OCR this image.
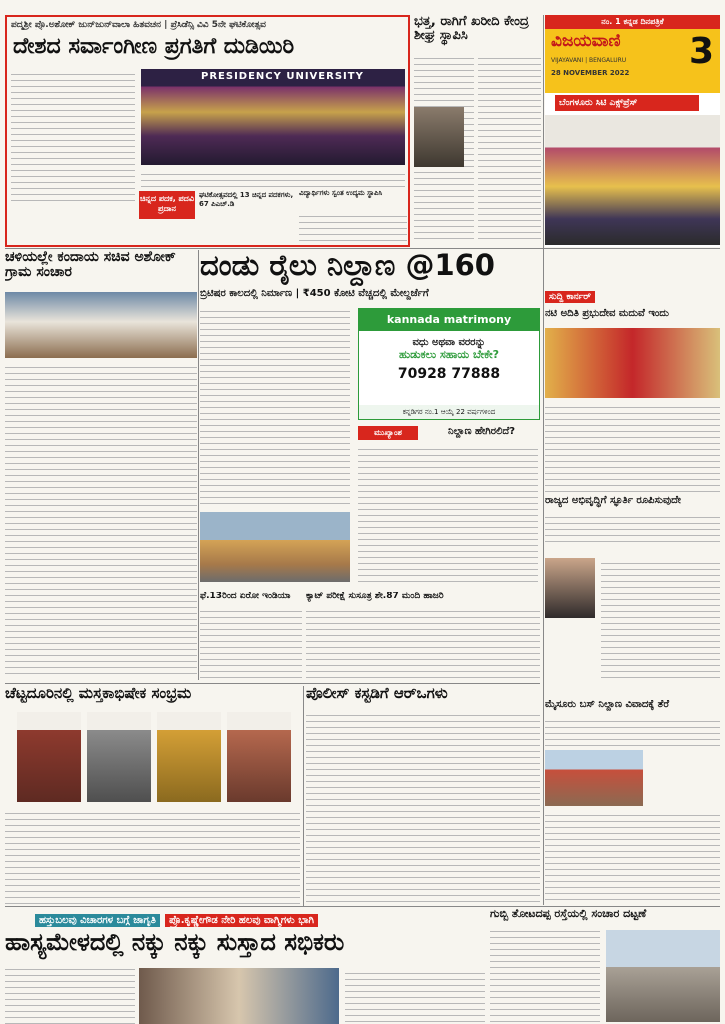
ಪದ್ಮಶ್ರೀ ಪ್ರೊ.ಅಶೋಕ್ ಜುನ್‌ಜುನ್‌ವಾಲಾ ಹಿತವಚನ | ಪ್ರೆಸಿಡೆನ್ಸಿ ವಿವಿ 5ನೇ ಘಟಿಕೋತ್ಸವ
ದೇಶದ ಸರ್ವಾಂಗೀಣ ಪ್ರಗತಿಗೆ ದುಡಿಯಿರಿ
PRESIDENCY UNIVERSITY
ಚಿನ್ನದ ಪದಕ, ಪದವಿ ಪ್ರದಾನ
ಘಟಿಕೋತ್ಸವದಲ್ಲಿ 13 ಚಿನ್ನದ ಪದಕಗಳು, 67 ಪಿಎಚ್.ಡಿ
ವಿದ್ಯಾರ್ಥಿಗಳು ಸ್ವಂತ ಉದ್ಯಮ ಸ್ಥಾಪಿಸಿ
ಭತ್ತ, ರಾಗಿಗೆ ಖರೀದಿ ಕೇಂದ್ರ ಶೀಘ್ರ ಸ್ಥಾಪಿಸಿ
ನಂ. 1 ಕನ್ನಡ ದಿನಪತ್ರಿಕೆ
ವಿಜಯವಾಣಿ
VIJAYAVANI | BENGALURU
28 NOVEMBER 2022
3
ಬೆಂಗಳೂರು ಸಿಟಿ ಎಕ್ಸ್‌ಪ್ರೆಸ್
ಚಳಿಯಲ್ಲೇ ಕಂದಾಯ ಸಚಿವ ಅಶೋಕ್ ಗ್ರಾಮ ಸಂಚಾರ	ದಂಡು ರೈಲು ನಿಲ್ದಾಣ @160
ಬ್ರಿಟಿಷರ ಕಾಲದಲ್ಲಿ ನಿರ್ಮಾಣ | ₹450 ಕೋಟಿ ವೆಚ್ಚದಲ್ಲಿ ಮೇಲ್ದರ್ಜೆಗೆ
kannada matrimony
ವಧು ಅಥವಾ ವರರನ್ನು
ಹುಡುಕಲು ಸಹಾಯ ಬೇಕೇ?
70928 77888
ಕನ್ನಡಿಗರ ನಂ.1 ಆಯ್ಕೆ 22 ವರ್ಷಗಳಿಂದ
ಮುಖ್ಯಾಂಶ	ನಿಲ್ದಾಣ ಹೇಗಿರಲಿದೆ?
ಸುದ್ದಿ ಕಾರ್ನರ್
ನಟಿ ಅದಿತಿ ಪ್ರಭುದೇವ ಮದುವೆ ಇಂದು
ರಾಜ್ಯದ ಅಭಿವೃದ್ಧಿಗೆ ಸ್ಫೂರ್ತಿ ರೂಪಿಸುವುದೇ
ಫೆ.13ರಿಂದ ಏರೋ ಇಂಡಿಯಾ	ಕ್ಯಾಟ್ ಪರೀಕ್ಷೆ ಸುಸೂತ್ರ ಶೇ.87 ಮಂದಿ ಹಾಜರಿ
ಚೆಟ್ಟದೂರಿನಲ್ಲಿ ಮಸ್ತಕಾಭಿಷೇಕ ಸಂಭ್ರಮ	ಪೊಲೀಸ್ ಕಸ್ಟಡಿಗೆ ಆರ್‌ಒಗಳು
ಮೈಸೂರು ಬಸ್ ನಿಲ್ದಾಣ ವಿವಾದಕ್ಕೆ ತೆರೆ
ಹಸ್ತುಬಲವು ವಿಚಾರಗಳ ಬಗ್ಗೆ ಜಾಗೃತಿ ಪ್ರೊ.ಕೃಷ್ಣೇಗೌಡ ನೇರಿ ಹಲವು ವಾಗ್ಮಿಗಳು ಭಾಗಿ
ಹಾಸ್ಯಮೇಳದಲ್ಲಿ ನಕ್ಕು ನಕ್ಕು ಸುಸ್ತಾದ ಸಭಿಕರು
ಗುಬ್ಬಿ ತೋಟದಪ್ಪ ರಸ್ತೆಯಲ್ಲಿ ಸಂಚಾರ ದಟ್ಟಣೆ
